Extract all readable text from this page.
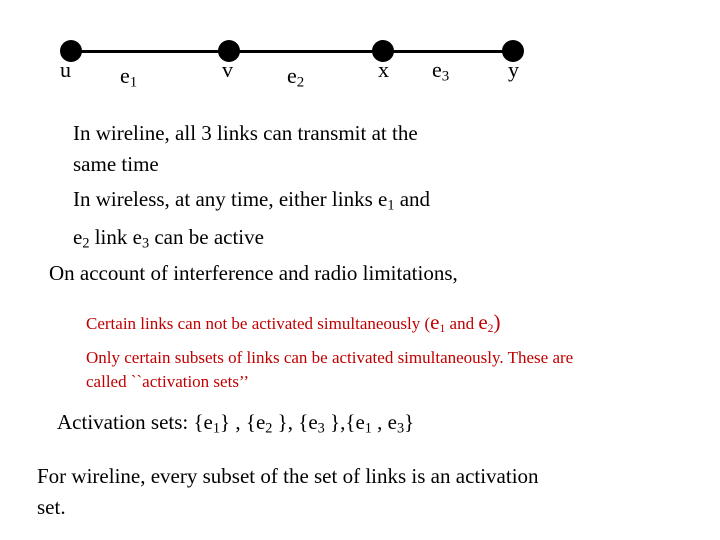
u	v	x	y
$e_1$	$e_2$
$e_3$
In wireline, all 3 links can transmit at the
same time
In wireless, at any time, either links $e_1$ and
$e_2$ link $e_3$ can be active
On account of interference and radio limitations,
Certain links can not be activated simultaneously ($e_1$ and $e_2$)
Only certain subsets of links can be activated simultaneously. These are
called ``activation sets’’
Activation sets: $\{e_1\}$ , {$e_2$ }, {$e_3$ }$,\{e_1$ , $e_3$}
For wireline, every subset of the set of links is an activation
set.
